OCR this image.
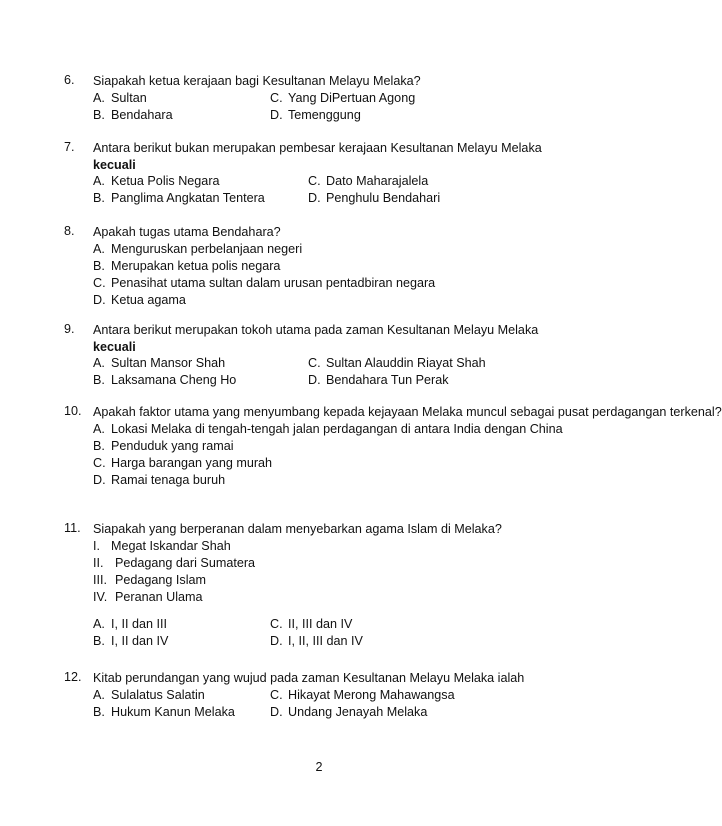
6. Siapakah ketua kerajaan bagi Kesultanan Melayu Melaka?
A. Sultan	C. Yang DiPertuan Agong
B. Bendahara	D. Temenggung
7. Antara berikut bukan merupakan pembesar kerajaan Kesultanan Melayu Melaka
kecuali
A. Ketua Polis Negara	C. Dato Maharajalela
B. Panglima Angkatan Tentera	D. Penghulu Bendahari
8. Apakah tugas utama Bendahara?
A. Menguruskan perbelanjaan negeri
B. Merupakan ketua polis negara
C. Penasihat utama sultan dalam urusan pentadbiran negara
D. Ketua agama
9. Antara berikut merupakan tokoh utama pada zaman Kesultanan Melayu Melaka
kecuali
A. Sultan Mansor Shah	C. Sultan Alauddin Riayat Shah
B. Laksamana Cheng Ho	D. Bendahara Tun Perak
10. Apakah faktor utama yang menyumbang kepada kejayaan Melaka muncul sebagai pusat perdagangan terkenal?
A. Lokasi Melaka di tengah-tengah jalan perdagangan di antara India dengan China
B. Penduduk yang ramai
C. Harga barangan yang murah
D. Ramai tenaga buruh
11. Siapakah yang berperanan dalam menyebarkan agama Islam di Melaka?
I. Megat Iskandar Shah
II. Pedagang dari Sumatera
III. Pedagang Islam
IV. Peranan Ulama
A. I, II dan III	C. II, III dan IV
B. I, II dan IV	D. I, II, III dan IV
12. Kitab perundangan yang wujud pada zaman Kesultanan Melayu Melaka ialah
A. Sulalatus Salatin	C. Hikayat Merong Mahawangsa
B. Hukum Kanun Melaka	D. Undang Jenayah Melaka
2
